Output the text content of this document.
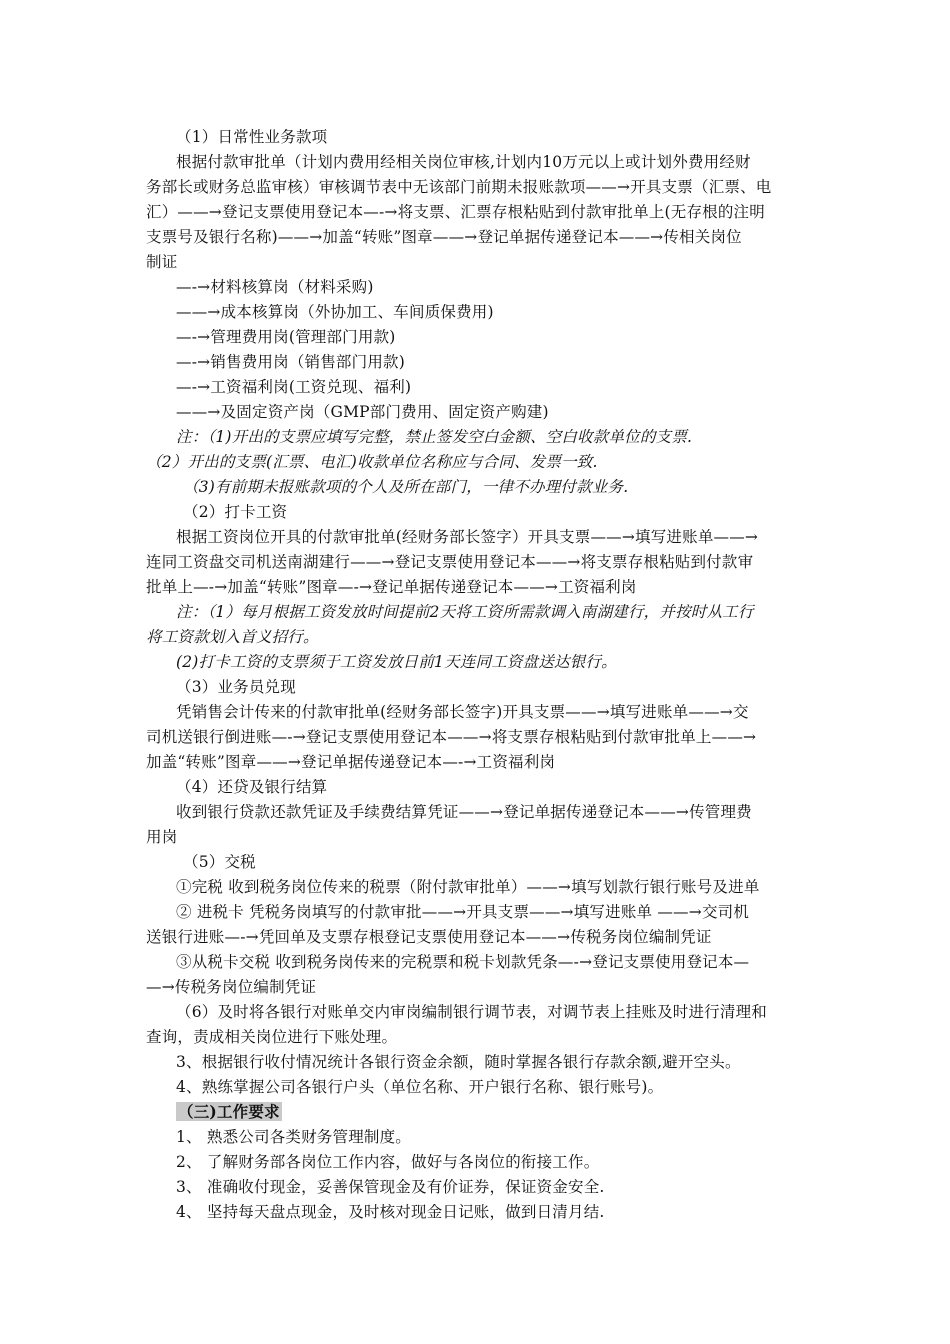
（1）日常性业务款项
根据付款审批单（计划内费用经相关岗位审核,计划内10万元以上或计划外费用经财
务部长或财务总监审核）审核调节表中无该部门前期未报账款项——→开具支票（汇票、电
汇）——→登记支票使用登记本—-→将支票、汇票存根粘贴到付款审批单上(无存根的注明
支票号及银行名称)——→加盖“转账”图章——→登记单据传递登记本——→传相关岗位
制证
—-→材料核算岗（材料采购)
——→成本核算岗（外协加工、车间质保费用)
—-→管理费用岗(管理部门用款)
—-→销售费用岗（销售部门用款)
—-→工资福利岗(工资兑现、福利)
——→及固定资产岗（GMP部门费用、固定资产购建)
注：（1)开出的支票应填写完整，禁止签发空白金额、空白收款单位的支票.
（2）开出的支票(汇票、电汇)收款单位名称应与合同、发票一致.
（3)有前期未报账款项的个人及所在部门，一律不办理付款业务.
（2）打卡工资
根据工资岗位开具的付款审批单(经财务部长签字）开具支票——→填写进账单——→
连同工资盘交司机送南湖建行——→登记支票使用登记本——→将支票存根粘贴到付款审
批单上—-→加盖“转账”图章—-→登记单据传递登记本——→工资福利岗
注：（1）每月根据工资发放时间提前2天将工资所需款调入南湖建行，并按时从工行
将工资款划入首义招行。
(2)打卡工资的支票须于工资发放日前1天连同工资盘送达银行。
（3）业务员兑现
凭销售会计传来的付款审批单(经财务部长签字)开具支票——→填写进账单——→交
司机送银行倒进账—-→登记支票使用登记本——→将支票存根粘贴到付款审批单上——→
加盖“转账”图章——→登记单据传递登记本—-→工资福利岗
（4）还贷及银行结算
收到银行贷款还款凭证及手续费结算凭证——→登记单据传递登记本——→传管理费
用岗
（5）交税
①完税 收到税务岗位传来的税票（附付款审批单）——→填写划款行银行账号及进单
② 进税卡 凭税务岗填写的付款审批——→开具支票——→填写进账单 ——→交司机
送银行进账—-→凭回单及支票存根登记支票使用登记本——→传税务岗位编制凭证
③从税卡交税 收到税务岗传来的完税票和税卡划款凭条—-→登记支票使用登记本—
—→传税务岗位编制凭证
（6）及时将各银行对账单交内审岗编制银行调节表，对调节表上挂账及时进行清理和
查询，责成相关岗位进行下账处理。
3、根据银行收付情况统计各银行资金余额，随时掌握各银行存款余额,避开空头。
4、熟练掌握公司各银行户头（单位名称、开户银行名称、银行账号)。
（三)工作要求
1、 熟悉公司各类财务管理制度。
2、 了解财务部各岗位工作内容，做好与各岗位的衔接工作。
3、 准确收付现金，妥善保管现金及有价证券，保证资金安全.
4、 坚持每天盘点现金，及时核对现金日记账，做到日清月结.
